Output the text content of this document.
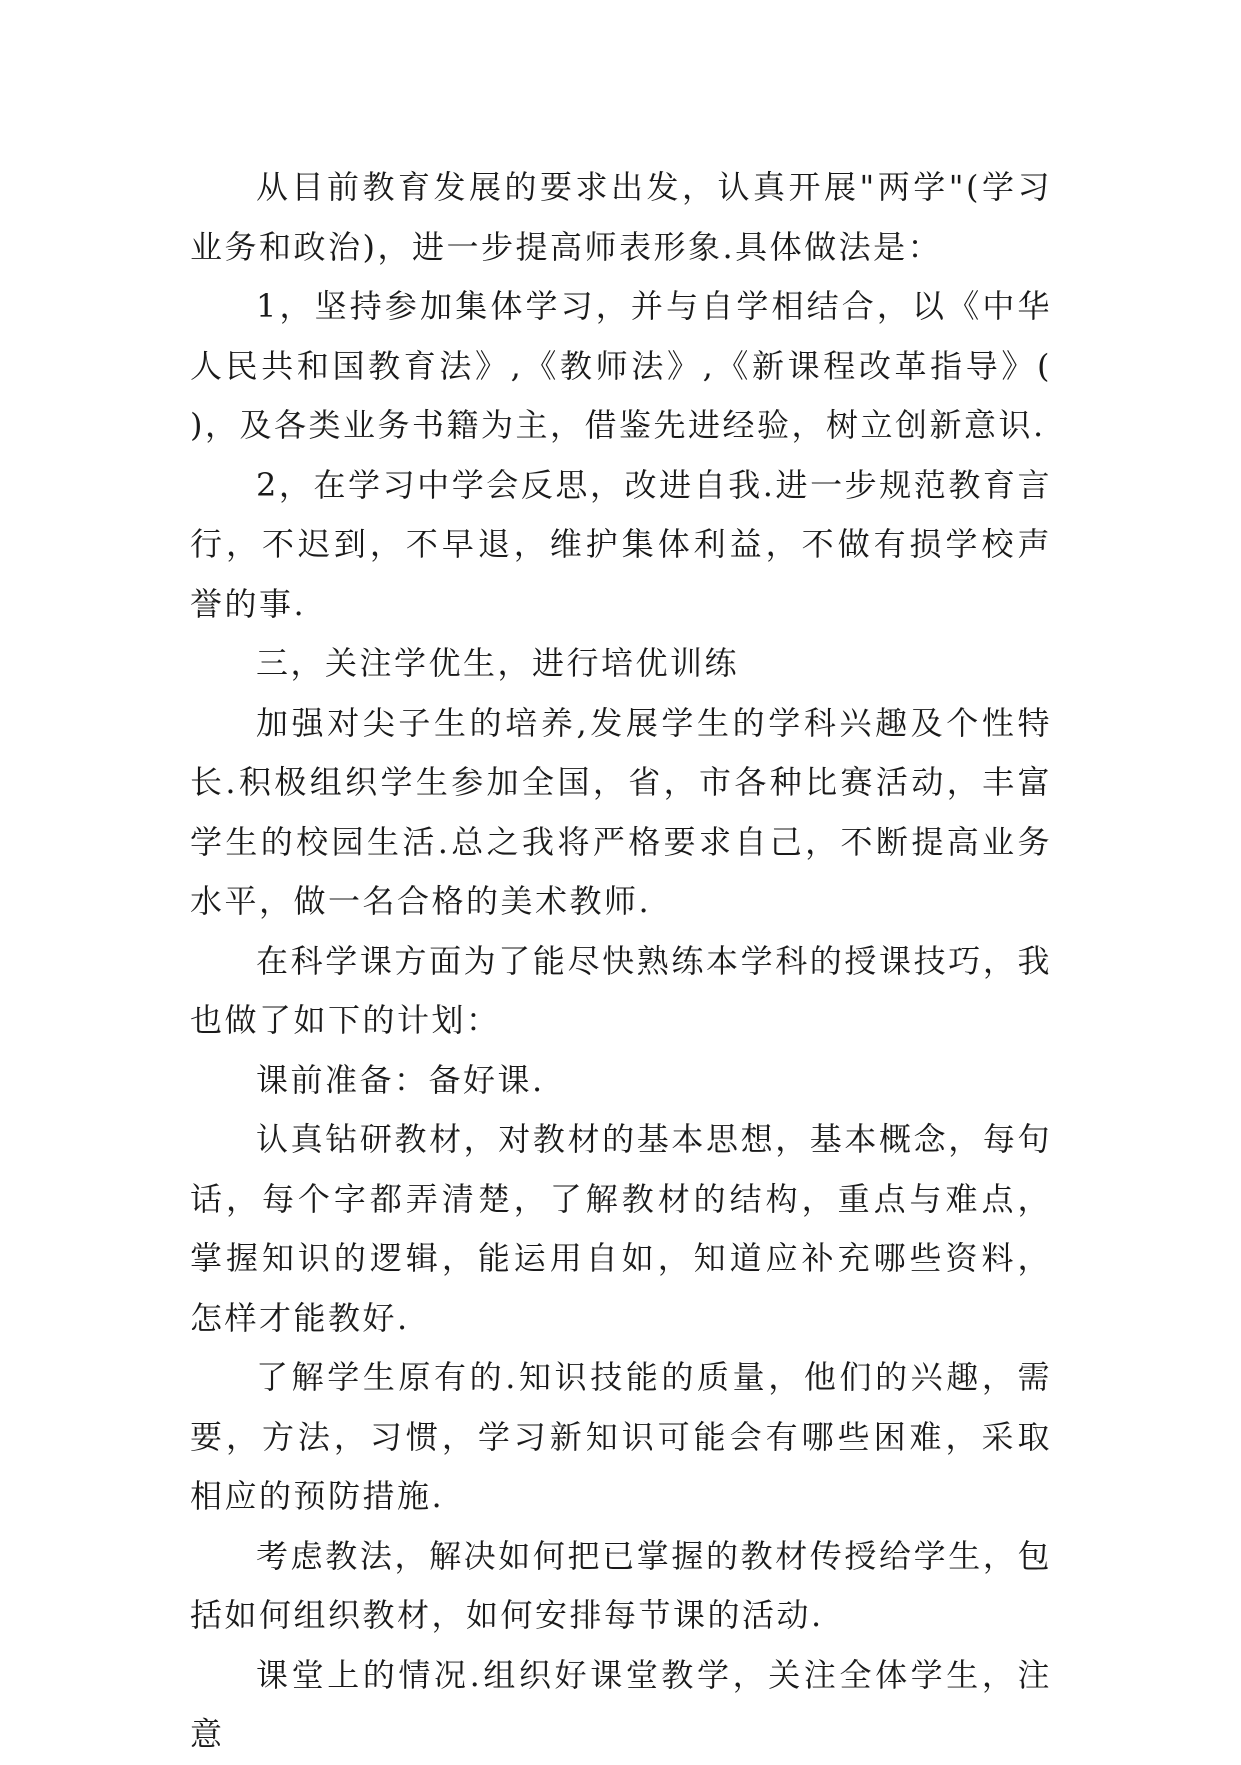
从目前教育发展的要求出发，认真开展"两学"(学习业务和政治)，进一步提高师表形象.具体做法是：

1，坚持参加集体学习，并与自学相结合，以《中华人民共和国教育法》,《教师法》,《新课程改革指导》( )，及各类业务书籍为主，借鉴先进经验，树立创新意识.

2，在学习中学会反思，改进自我.进一步规范教育言行，不迟到，不早退，维护集体利益，不做有损学校声誉的事.

三，关注学优生，进行培优训练

加强对尖子生的培养,发展学生的学科兴趣及个性特长.积极组织学生参加全国，省，市各种比赛活动，丰富学生的校园生活.总之我将严格要求自己，不断提高业务水平，做一名合格的美术教师.

在科学课方面为了能尽快熟练本学科的授课技巧，我也做了如下的计划：

课前准备：备好课.

认真钻研教材，对教材的基本思想，基本概念，每句话，每个字都弄清楚，了解教材的结构，重点与难点，掌握知识的逻辑，能运用自如，知道应补充哪些资料，怎样才能教好.

了解学生原有的.知识技能的质量，他们的兴趣，需要，方法，习惯，学习新知识可能会有哪些困难，采取相应的预防措施.

考虑教法，解决如何把已掌握的教材传授给学生，包括如何组织教材，如何安排每节课的活动.

课堂上的情况.组织好课堂教学，关注全体学生，注意
